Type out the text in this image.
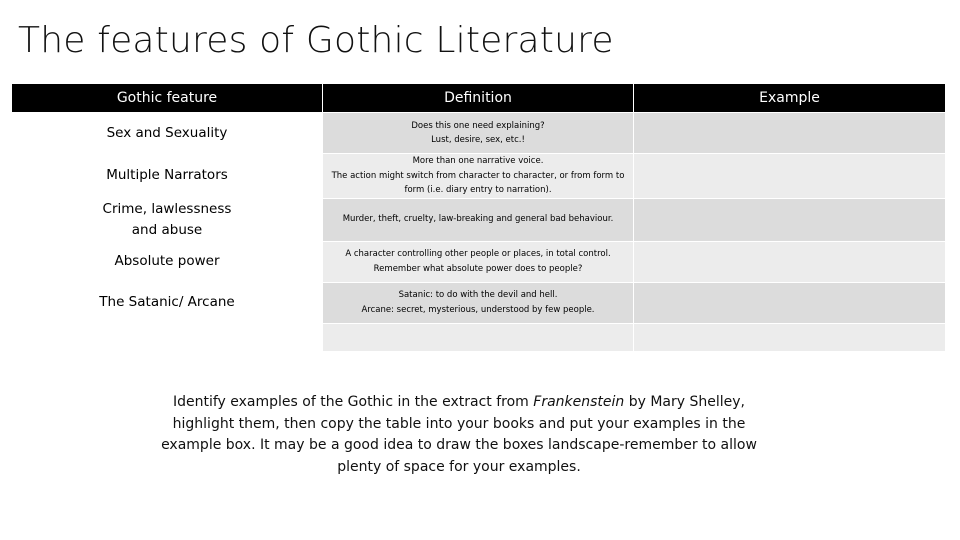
The features of Gothic Literature
Gothic feature	Definition	Example
Sex and Sexuality	Does this one need explaining?
Lust, desire, sex, etc.!	

Multiple Narrators	More than one narrative voice.
The action might switch from character to character, or from form to form (i.e. diary entry to narration).	

Crime, lawlessness and abuse	Murder, theft, cruelty, law-breaking and general bad behaviour.	

Absolute power	A character controlling other people or places, in total control.
Remember what absolute power does to people?	

The Satanic/ Arcane	Satanic: to do with the devil and hell.
Arcane: secret, mysterious, understood by few people.	

Identify examples of the Gothic in the extract from Frankenstein by Mary Shelley, highlight them, then copy the table into your books and put your examples in the example box. It may be a good idea to draw the boxes landscape-remember to allow plenty of space for your examples.
